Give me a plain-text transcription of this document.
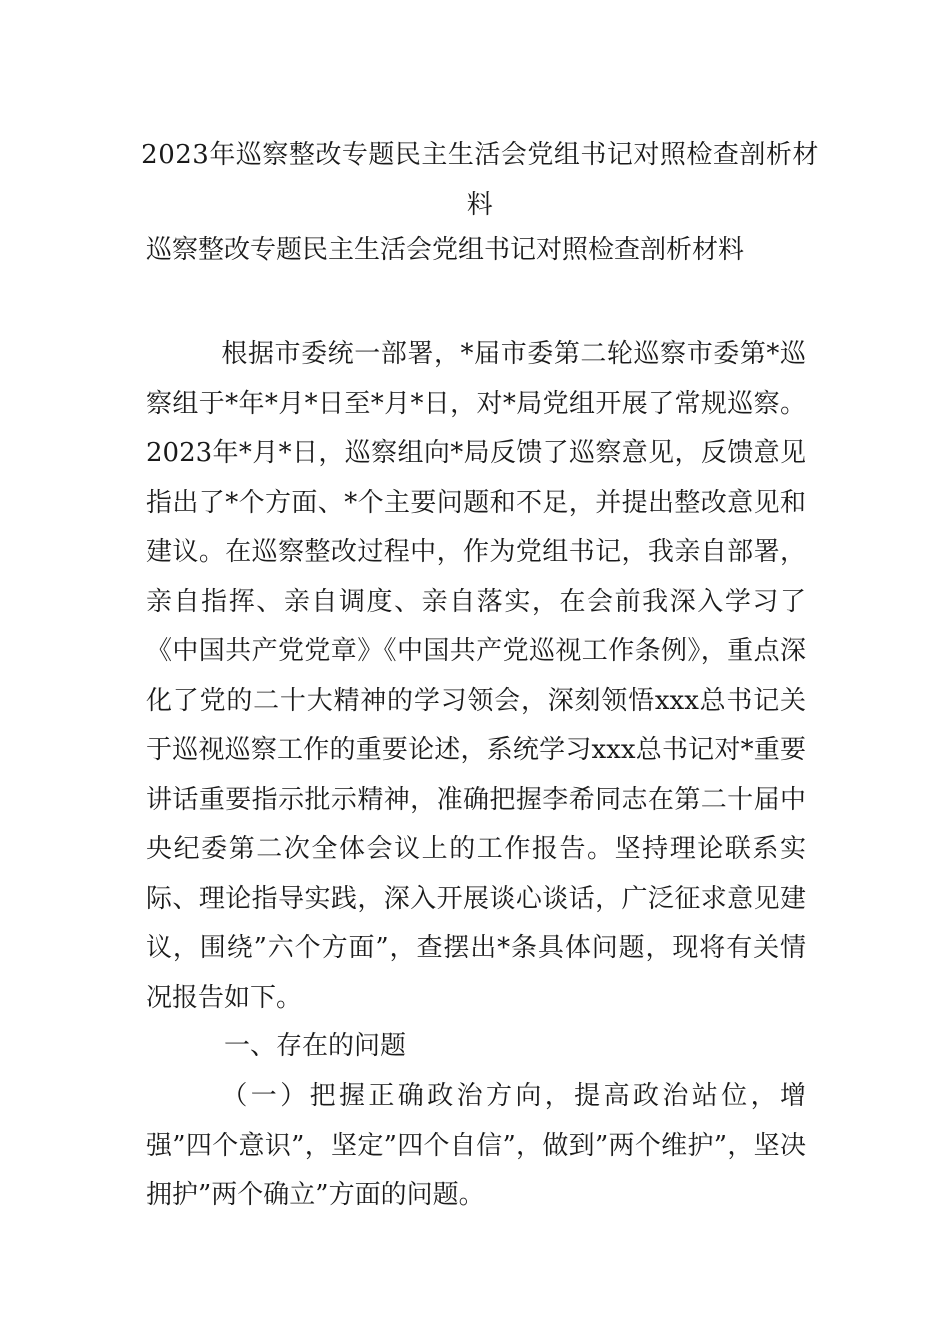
2023年巡察整改专题民主生活会党组书记对照检查剖析材料
巡察整改专题民主生活会党组书记对照检查剖析材料
根据市委统一部署，*届市委第二轮巡察市委第*巡察组于*年*月*日至*月*日，对*局党组开展了常规巡察。2023年*月*日，巡察组向*局反馈了巡察意见，反馈意见指出了*个方面、*个主要问题和不足，并提出整改意见和建议。在巡察整改过程中，作为党组书记，我亲自部署，亲自指挥、亲自调度、亲自落实，在会前我深入学习了《中国共产党党章》《中国共产党巡视工作条例》，重点深化了党的二十大精神的学习领会，深刻领悟xxx总书记关于巡视巡察工作的重要论述，系统学习xxx总书记对*重要讲话重要指示批示精神，准确把握李希同志在第二十届中央纪委第二次全体会议上的工作报告。坚持理论联系实际、理论指导实践，深入开展谈心谈话，广泛征求意见建议，围绕”六个方面”，查摆出*条具体问题，现将有关情况报告如下。
一、存在的问题
（一）把握正确政治方向，提高政治站位，增强”四个意识”，坚定”四个自信”，做到”两个维护”，坚决拥护”两个确立”方面的问题。
